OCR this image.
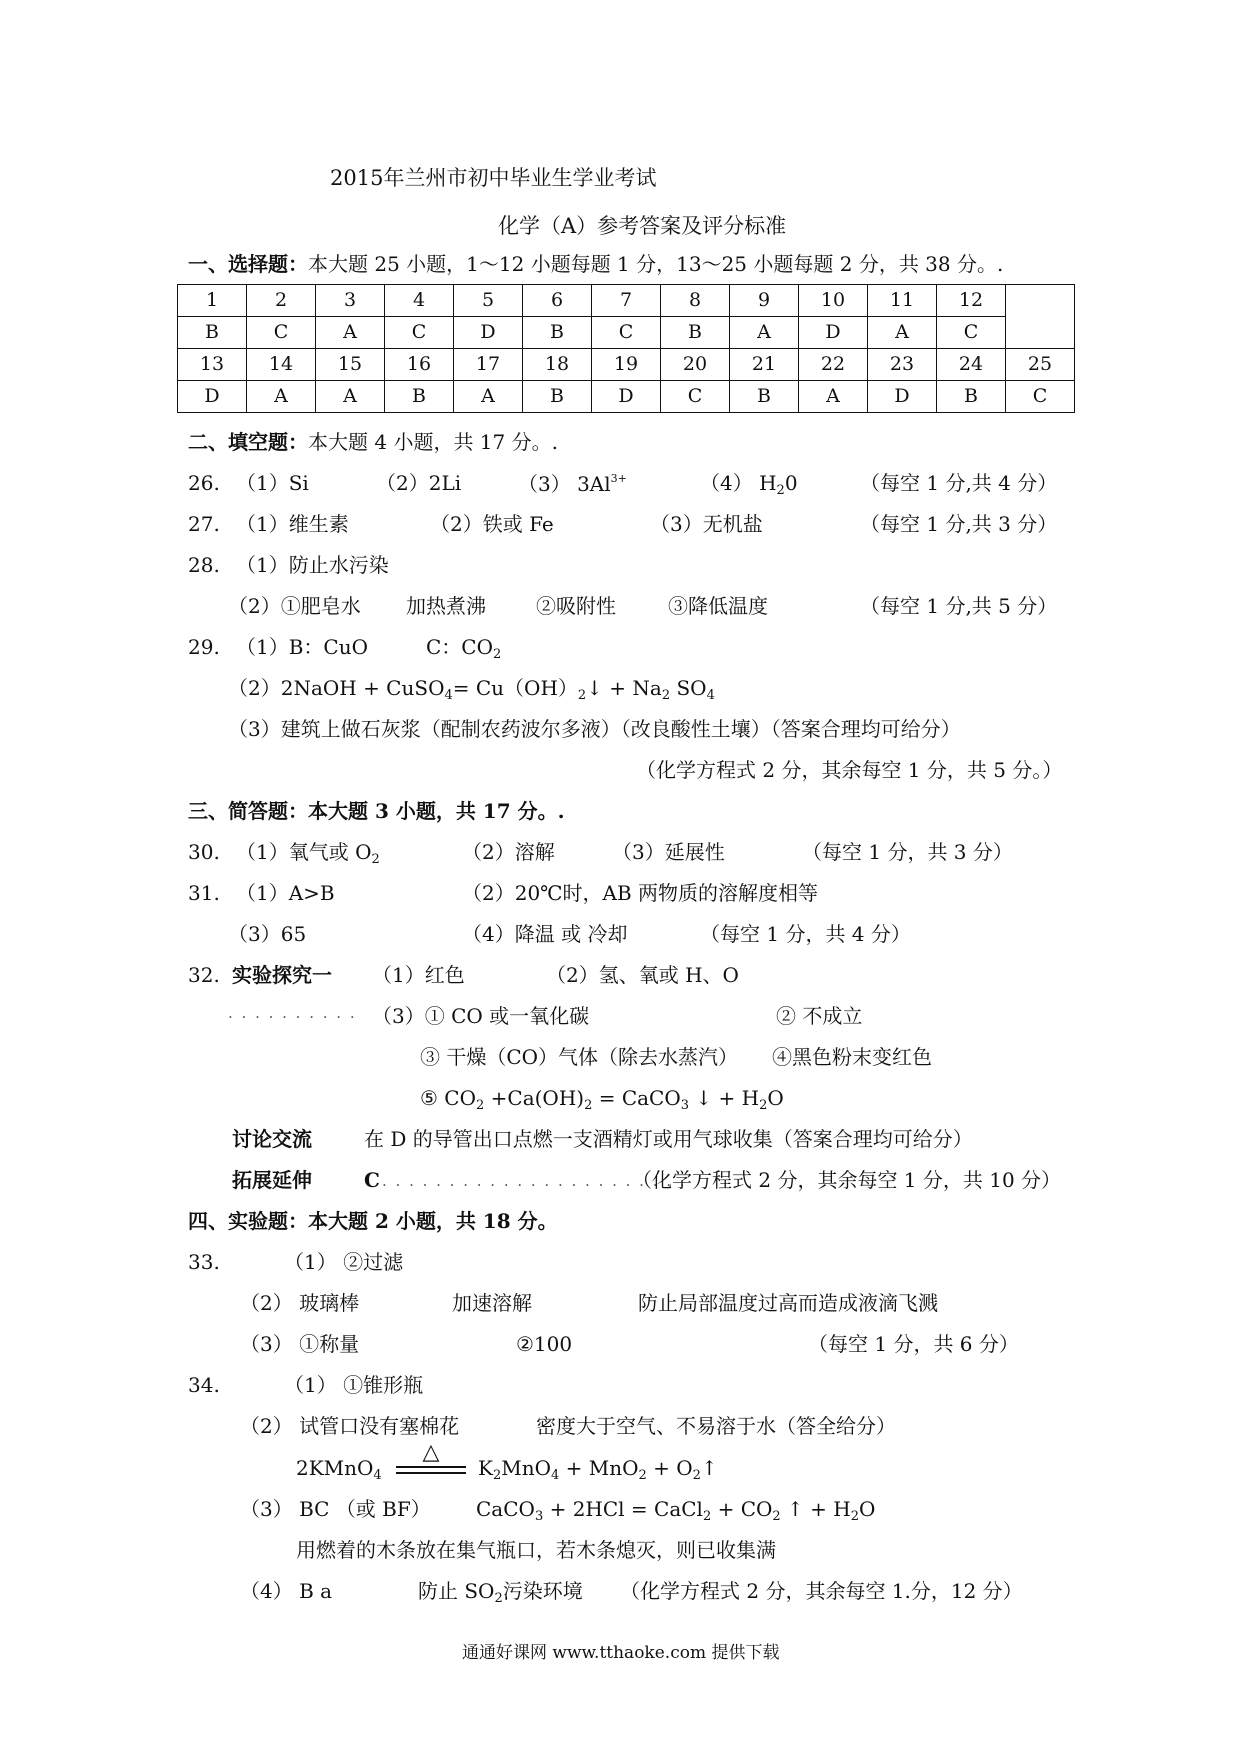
2015年兰州市初中毕业生学业考试
化学（A）参考答案及评分标准
一、选择题：本大题 25 小题，1～12 小题每题 1 分，13～25 小题每题 2 分，共 38 分。.
1	2	3	4	5	6	7	8	9	10	11	12	
B	C	A	C	D	B	C	B	A	D	A	C	
13	14	15	16	17	18	19	20	21	22	23	24	25
D	A	A	B	A	B	D	C	B	A	D	B	C
二、填空题：本大题 4 小题，共 17 分。.
26. （1）Si	（2）2Li	（3） $3Al^{3+}$	（4） $H_20$	（每空 1 分,共 4 分）
27. （1）维生素	（2）铁或 Fe	（3）无机盐	（每空 1 分,共 3 分）
28. （1）防止水污染
（2）①肥皂水 加热煮沸	②吸附性	③降低温度	（每空 1 分,共 5 分）
29. （1）B：CuO	C：$CO_2$
（2）2NaOH + CuSO$_4$= $Cu(OH)_2↓ + Na_2$ $SO_4$
（3）建筑上做石灰浆（配制农药波尔多液）（改良酸性土壤）（答案合理均可给分）
（化学方程式 2 分，其余每空 1 分，共 5 分。）
三、简答题：本大题 3 小题，共 17 分。.
30. （1）氧气或 $O_2$	（2）溶解	（3）延展性	（每空 1 分，共 3 分）
31. （1）A>B	（2）20℃时，AB 两物质的溶解度相等
（3）65	（4）降温 或 冷却	（每空 1 分，共 4 分）
32. 实验探究一 （1）红色	（2）氢、氧或 H、O
. . . . . . . . . . （3）① CO 或一氧化碳	② 不成立
③ 干燥（CO）气体（除去水蒸汽） ④黑色粉末变红色
⑤ $CO_2 +Ca(OH)_2$ = CaCO$_3$ ↓ + $H_2O$
讨论交流	在 D 的导管出口点燃一支酒精灯或用气球收集（答案合理均可给分）
拓展延伸	C . . . . . . . . . . . . . . . . . . . . . . .
（化学方程式 2 分，其余每空 1 分，共 10 分）
四、实验题：本大题 2 小题，共 18 分。
33.	（1） ②过滤
（2） 玻璃棒	加速溶解	防止局部温度过高而造成液滴飞溅
（3） ①称量	②100	（每空 1 分，共 6 分）
34.	（1） ①锥形瓶
（2） 试管口没有塞棉花	密度大于空气、不易溶于水（答全给分）
2KMnO$_4$
△
$K_2MnO_4 + MnO_2$ + $O_2↑$
（3） BC （或 BF） CaCO$_3$ + 2HCl = CaCl$_2$ + $CO_2$ ↑ + $H_2O$
用燃着的木条放在集气瓶口，若木条熄灭，则已收集满
（4） B a	防止 $SO_2$污染环境 （化学方程式 2 分，其余每空 1.分，12 分）
通通好课网 www.tthaoke.com 提供下载
